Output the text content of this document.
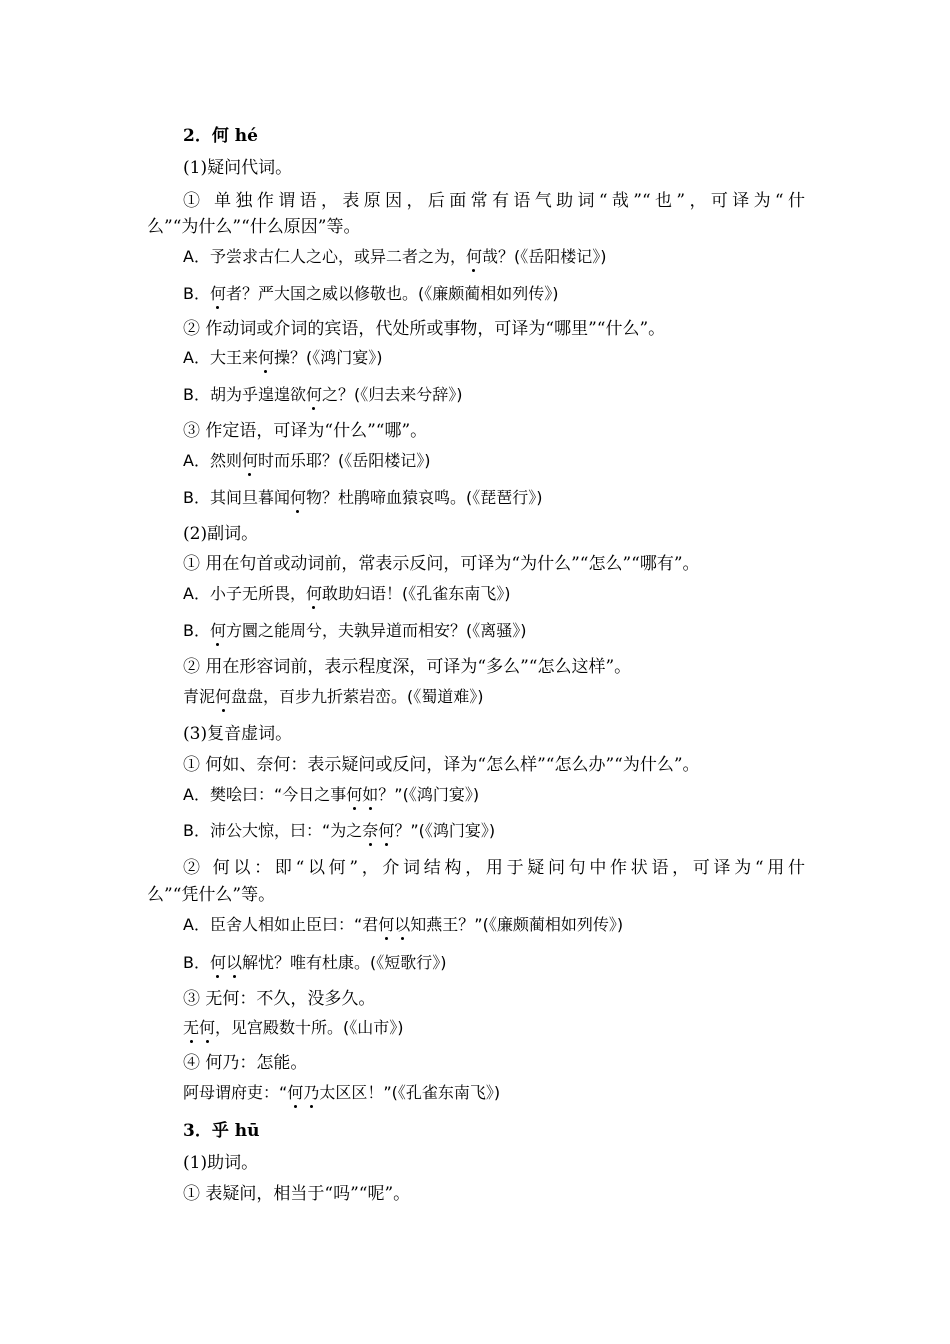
2．何 hé
(1)疑问代词。
① 单独作谓语，表原因，后面常有语气助词“哉”“也”，可译为“什
么”“为什么”“什么原因”等。
A．予尝求古仁人之心，或异二者之为，何哉？(《岳阳楼记》)
B．何者？严大国之威以修敬也。(《廉颇蔺相如列传》)
② 作动词或介词的宾语，代处所或事物，可译为“哪里”“什么”。
A．大王来何操？(《鸿门宴》)
B．胡为乎遑遑欲何之？(《归去来兮辞》)
③ 作定语，可译为“什么”“哪”。
A．然则何时而乐耶？(《岳阳楼记》)
B．其间旦暮闻何物？杜鹃啼血猿哀鸣。(《琵琶行》)
(2)副词。
① 用在句首或动词前，常表示反问，可译为“为什么”“怎么”“哪有”。
A．小子无所畏，何敢助妇语！(《孔雀东南飞》)
B．何方圜之能周兮，夫孰异道而相安？(《离骚》)
② 用在形容词前，表示程度深，可译为“多么”“怎么这样”。
青泥何盘盘，百步九折萦岩峦。(《蜀道难》)
(3)复音虚词。
① 何如、奈何：表示疑问或反问，译为“怎么样”“怎么办”“为什么”。
A．樊哙曰：“今日之事何如？”(《鸿门宴》)
B．沛公大惊，曰：“为之奈何？”(《鸿门宴》)
② 何以：即“以何”，介词结构，用于疑问句中作状语，可译为“用什
么”“凭什么”等。
A．臣舍人相如止臣曰：“君何以知燕王？”(《廉颇蔺相如列传》)
B．何以解忧？唯有杜康。(《短歌行》)
③ 无何：不久，没多久。
无何，见宫殿数十所。(《山市》)
④ 何乃：怎能。
阿母谓府吏：“何乃太区区！”(《孔雀东南飞》)
3．乎 hū
(1)助词。
① 表疑问，相当于“吗”“呢”。
